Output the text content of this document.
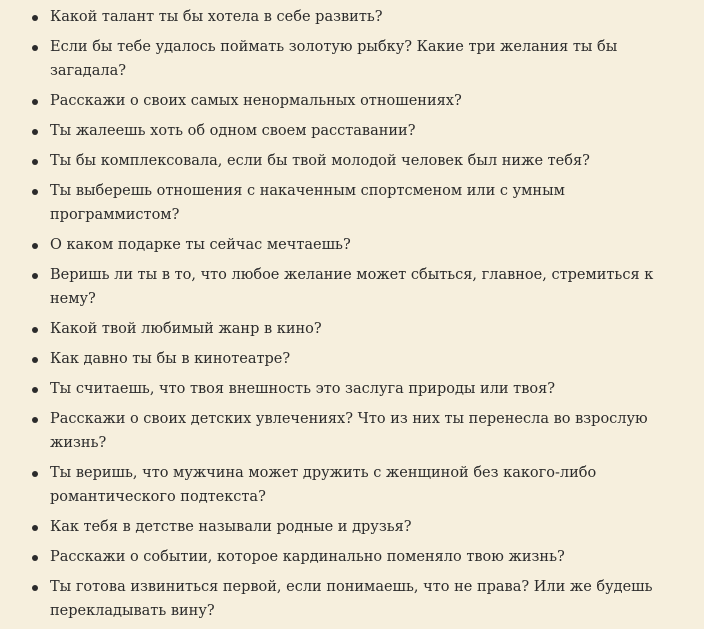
Какой талант ты бы хотела в себе развить?
Если бы тебе удалось поймать золотую рыбку? Какие три желания ты бы загадала?
Расскажи о своих самых ненормальных отношениях?
Ты жалеешь хоть об одном своем расставании?
Ты бы комплексовала, если бы твой молодой человек был ниже тебя?
Ты выберешь отношения с накаченным спортсменом или с умным программистом?
О каком подарке ты сейчас мечтаешь?
Веришь ли ты в то, что любое желание может сбыться, главное, стремиться к нему?
Какой твой любимый жанр в кино?
Как давно ты бы в кинотеатре?
Ты считаешь, что твоя внешность это заслуга природы или твоя?
Расскажи о своих детских увлечениях? Что из них ты перенесла во взрослую жизнь?
Ты веришь, что мужчина может дружить с женщиной без какого-либо романтического подтекста?
Как тебя в детстве называли родные и друзья?
Расскажи о событии, которое кардинально поменяло твою жизнь?
Ты готова извиниться первой, если понимаешь, что не права? Или же будешь перекладывать вину?
